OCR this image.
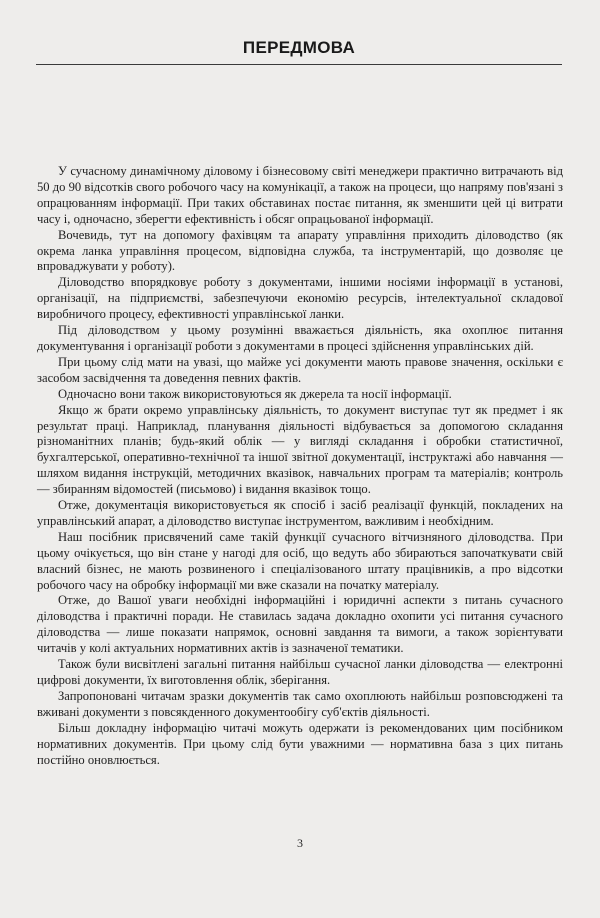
ПЕРЕДМОВА

У сучасному динамічному діловому і бізнесовому світі менеджери практично витрачають від 50 до 90 відсотків свого робочого часу на комунікації, а також на процеси, що напряму пов'язані з опрацюванням інформації. При таких обставинах постає питання, як зменшити цей ці витрати часу і, одночасно, зберегти ефективність і обсяг опрацьованої інформації.

Вочевидь, тут на допомогу фахівцям та апарату управління приходить діловодство (як окрема ланка управління процесом, відповідна служба, та інструментарій, що дозволяє це впроваджувати у роботу).

Діловодство впорядковує роботу з документами, іншими носіями інформації в установі, організації, на підприємстві, забезпечуючи економію ресурсів, інтелектуальної складової виробничого процесу, ефективності управлінської ланки.

Під діловодством у цьому розумінні вважається діяльність, яка охоплює питання документування і організації роботи з документами в процесі здійснення управлінських дій.

При цьому слід мати на увазі, що майже усі документи мають правове значення, оскільки є засобом засвідчення та доведення певних фактів.

Одночасно вони також використовуються як джерела та носії інформації.

Якщо ж брати окремо управлінську діяльність, то документ виступає тут як предмет і як результат праці. Наприклад, планування діяльності відбувається за допомогою складання різноманітних планів; будь-який облік — у вигляді складання і обробки статистичної, бухгалтерської, оперативно-технічної та іншої звітної документації, інструктажі або навчання — шляхом видання інструкцій, методичних вказівок, навчальних програм та матеріалів; контроль — збиранням відомостей (письмово) і видання вказівок тощо.

Отже, документація використовується як спосіб і засіб реалізації функцій, покладених на управлінський апарат, а діловодство виступає інструментом, важливим і необхідним.

Наш посібник присвячений саме такій функції сучасного вітчизняного діловодства. При цьому очікується, що він стане у нагоді для осіб, що ведуть або збираються започаткувати свій власний бізнес, не мають розвиненого і спеціалізованого штату працівників, а про відсотки робочого часу на обробку інформації ми вже сказали на початку матеріалу.

Отже, до Вашої уваги необхідні інформаційні і юридичні аспекти з питань сучасного діловодства і практичні поради. Не ставилась задача докладно охопити усі питання сучасного діловодства — лише показати напрямок, основні завдання та вимоги, а також зорієнтувати читачів у колі актуальних нормативних актів із зазначеної тематики.

Також були висвітлені загальні питання найбільш сучасної ланки діловодства — електронні цифрові документи, їх виготовлення облік, зберігання.

Запропоновані читачам зразки документів так само охоплюють найбільш розповсюджені та вживані документи з повсякденного документообігу суб'єктів діяльності.

Більш докладну інформацію читачі можуть одержати із рекомендованих цим посібником нормативних документів. При цьому слід бути уважними — нормативна база з цих питань постійно оновлюється.

3
